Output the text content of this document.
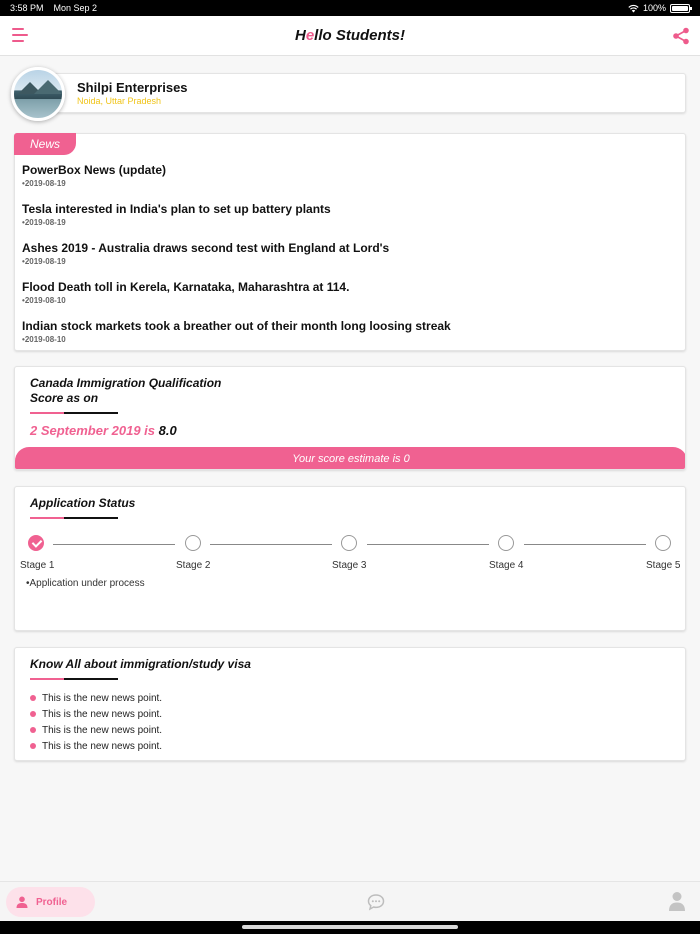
3:58 PM Mon Sep 2	100%
Hello Students!
Shilpi Enterprises
Noida, Uttar Pradesh
News
PowerBox News (update)
• 2019-08-19
Tesla interested in India's plan to set up battery plants
• 2019-08-19
Ashes 2019 - Australia draws second test with England at Lord's
• 2019-08-19
Flood Death toll in Kerela, Karnataka, Maharashtra at 114.
• 2019-08-10
Indian stock markets took a breather out of their month long loosing streak
• 2019-08-10
Canada Immigration Qualification
Score as on
2 September 2019 is 8.0
Your score estimate is 0
Application Status
Stage 1	Stage 2	Stage 3	Stage 4	Stage 5
• Application under process
Know All about immigration/study visa
This is the new news point.
This is the new news point.
This is the new news point.
This is the new news point.
Profile
